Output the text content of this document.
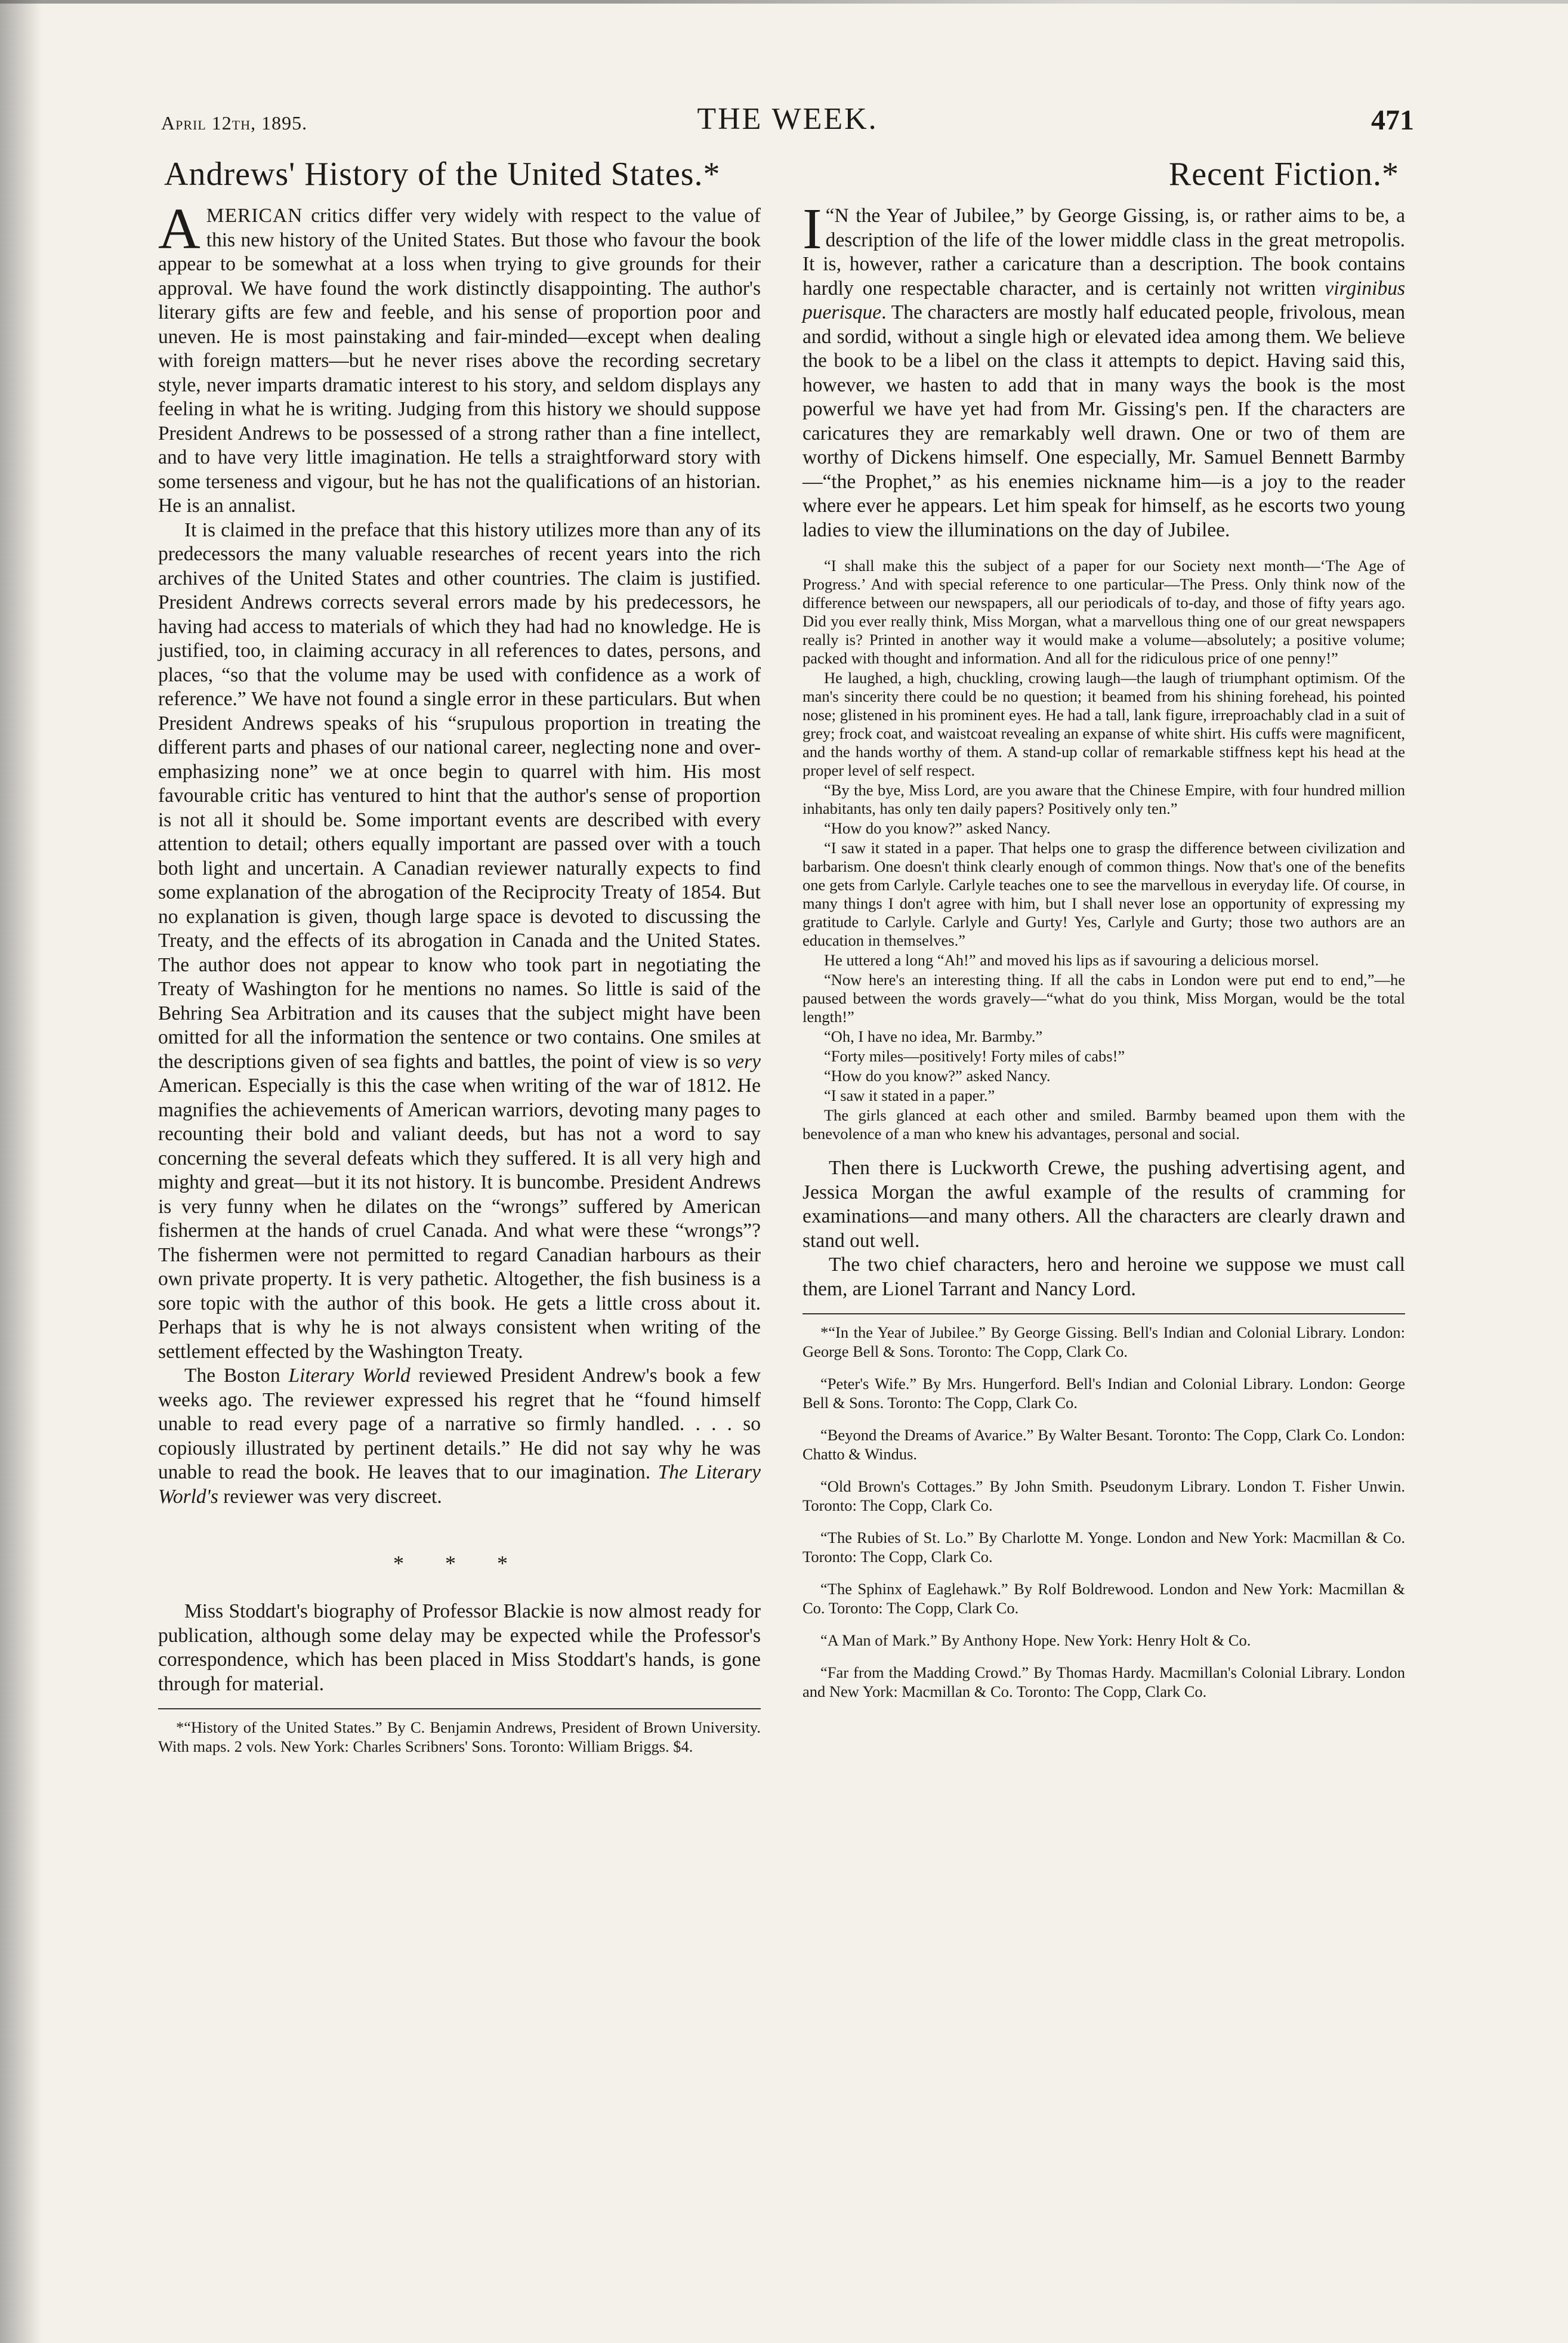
April 12th, 1895.	THE WEEK.	471
Andrews' History of the United States.*

AMERICAN critics differ very widely with respect to the value of this new history of the United States. But those who favour the book appear to be somewhat at a loss when trying to give grounds for their approval. We have found the work distinctly disappointing. The author's literary gifts are few and feeble, and his sense of proportion poor and uneven. He is most painstaking and fair-minded—except when dealing with foreign matters—but he never rises above the recording secretary style, never imparts dramatic interest to his story, and seldom displays any feeling in what he is writing. Judging from this history we should suppose President Andrews to be possessed of a strong rather than a fine intellect, and to have very little imagination. He tells a straightforward story with some terseness and vigour, but he has not the qualifications of an historian. He is an annalist.

It is claimed in the preface that this history utilizes more than any of its predecessors the many valuable researches of recent years into the rich archives of the United States and other countries. The claim is justified. President Andrews corrects several errors made by his predecessors, he having had access to materials of which they had had no knowledge. He is justified, too, in claiming accuracy in all references to dates, persons, and places, “so that the volume may be used with confidence as a work of reference.” We have not found a single error in these particulars. But when President Andrews speaks of his “srupulous proportion in treating the different parts and phases of our national career, neglecting none and over-emphasizing none” we at once begin to quarrel with him. His most favourable critic has ventured to hint that the author's sense of proportion is not all it should be. Some important events are described with every attention to detail; others equally important are passed over with a touch both light and uncertain. A Canadian reviewer naturally expects to find some explanation of the abrogation of the Reciprocity Treaty of 1854. But no explanation is given, though large space is devoted to discussing the Treaty, and the effects of its abrogation in Canada and the United States. The author does not appear to know who took part in negotiating the Treaty of Washington for he mentions no names. So little is said of the Behring Sea Arbitration and its causes that the subject might have been omitted for all the information the sentence or two contains. One smiles at the descriptions given of sea fights and battles, the point of view is so very American. Especially is this the case when writing of the war of 1812. He magnifies the achievements of American warriors, devoting many pages to recounting their bold and valiant deeds, but has not a word to say concerning the several defeats which they suffered. It is all very high and mighty and great—but it its not history. It is buncombe. President Andrews is very funny when he dilates on the “wrongs” suffered by American fishermen at the hands of cruel Canada. And what were these “wrongs”? The fishermen were not permitted to regard Canadian harbours as their own private property. It is very pathetic. Altogether, the fish business is a sore topic with the author of this book. He gets a little cross about it. Perhaps that is why he is not always consistent when writing of the settlement effected by the Washington Treaty.

The Boston Literary World reviewed President Andrew's book a few weeks ago. The reviewer expressed his regret that he “found himself unable to read every page of a narrative so firmly handled. . . . so copiously illustrated by pertinent details.” He did not say why he was unable to read the book. He leaves that to our imagination. The Literary World's reviewer was very discreet.

* * *

Miss Stoddart's biography of Professor Blackie is now almost ready for publication, although some delay may be expected while the Professor's correspondence, which has been placed in Miss Stoddart's hands, is gone through for material.

*“History of the United States.” By C. Benjamin Andrews, President of Brown University. With maps. 2 vols. New York: Charles Scribners' Sons. Toronto: William Briggs. $4.

Recent Fiction.*

“
I N the Year of Jubilee,” by George Gissing, is, or rather aims to be, a description of the life of the lower middle class in the great metropolis. It is, however, rather a caricature than a description. The book contains hardly one respectable character, and is certainly not written virginibus puerisque. The characters are mostly half educated people, frivolous, mean and sordid, without a single high or elevated idea among them. We believe the book to be a libel on the class it attempts to depict. Having said this, however, we hasten to add that in many ways the book is the most powerful we have yet had from Mr. Gissing's pen. If the characters are caricatures they are remarkably well drawn. One or two of them are worthy of Dickens himself. One especially, Mr. Samuel Bennett Barmby—“the Prophet,” as his enemies nickname him—is a joy to the reader where ever he appears. Let him speak for himself, as he escorts two young ladies to view the illuminations on the day of Jubilee.

“I shall make this the subject of a paper for our Society next month—‘The Age of Progress.’ And with special reference to one particular—The Press. Only think now of the difference between our newspapers, all our periodicals of to-day, and those of fifty years ago. Did you ever really think, Miss Morgan, what a marvellous thing one of our great newspapers really is? Printed in another way it would make a volume—absolutely; a positive volume; packed with thought and information. And all for the ridiculous price of one penny!”

He laughed, a high, chuckling, crowing laugh—the laugh of triumphant optimism. Of the man's sincerity there could be no question; it beamed from his shining forehead, his pointed nose; glistened in his prominent eyes. He had a tall, lank figure, irreproachably clad in a suit of grey; frock coat, and waistcoat revealing an expanse of white shirt. His cuffs were magnificent, and the hands worthy of them. A stand-up collar of remarkable stiffness kept his head at the proper level of self respect.

“By the bye, Miss Lord, are you aware that the Chinese Empire, with four hundred million inhabitants, has only ten daily papers? Positively only ten.”

“How do you know?” asked Nancy.

“I saw it stated in a paper. That helps one to grasp the difference between civilization and barbarism. One doesn't think clearly enough of common things. Now that's one of the benefits one gets from Carlyle. Carlyle teaches one to see the marvellous in everyday life. Of course, in many things I don't agree with him, but I shall never lose an opportunity of expressing my gratitude to Carlyle. Carlyle and Gurty! Yes, Carlyle and Gurty; those two authors are an education in themselves.”

He uttered a long “Ah!” and moved his lips as if savouring a delicious morsel.

“Now here's an interesting thing. If all the cabs in London were put end to end,”—he paused between the words gravely—“what do you think, Miss Morgan, would be the total length!”

“Oh, I have no idea, Mr. Barmby.”

“Forty miles—positively! Forty miles of cabs!”

“How do you know?” asked Nancy.

“I saw it stated in a paper.”

The girls glanced at each other and smiled. Barmby beamed upon them with the benevolence of a man who knew his advantages, personal and social.

Then there is Luckworth Crewe, the pushing advertising agent, and Jessica Morgan the awful example of the results of cramming for examinations—and many others. All the characters are clearly drawn and stand out well.

The two chief characters, hero and heroine we suppose we must call them, are Lionel Tarrant and Nancy Lord.

*“In the Year of Jubilee.” By George Gissing. Bell's Indian and Colonial Library. London: George Bell & Sons. Toronto: The Copp, Clark Co.

“Peter's Wife.” By Mrs. Hungerford. Bell's Indian and Colonial Library. London: George Bell & Sons. Toronto: The Copp, Clark Co.

“Beyond the Dreams of Avarice.” By Walter Besant. Toronto: The Copp, Clark Co. London: Chatto & Windus.

“Old Brown's Cottages.” By John Smith. Pseudonym Library. London T. Fisher Unwin. Toronto: The Copp, Clark Co.

“The Rubies of St. Lo.” By Charlotte M. Yonge. London and New York: Macmillan & Co. Toronto: The Copp, Clark Co.

“The Sphinx of Eaglehawk.” By Rolf Boldrewood. London and New York: Macmillan & Co. Toronto: The Copp, Clark Co.

“A Man of Mark.” By Anthony Hope. New York: Henry Holt & Co.

“Far from the Madding Crowd.” By Thomas Hardy. Macmillan's Colonial Library. London and New York: Macmillan & Co. Toronto: The Copp, Clark Co.
